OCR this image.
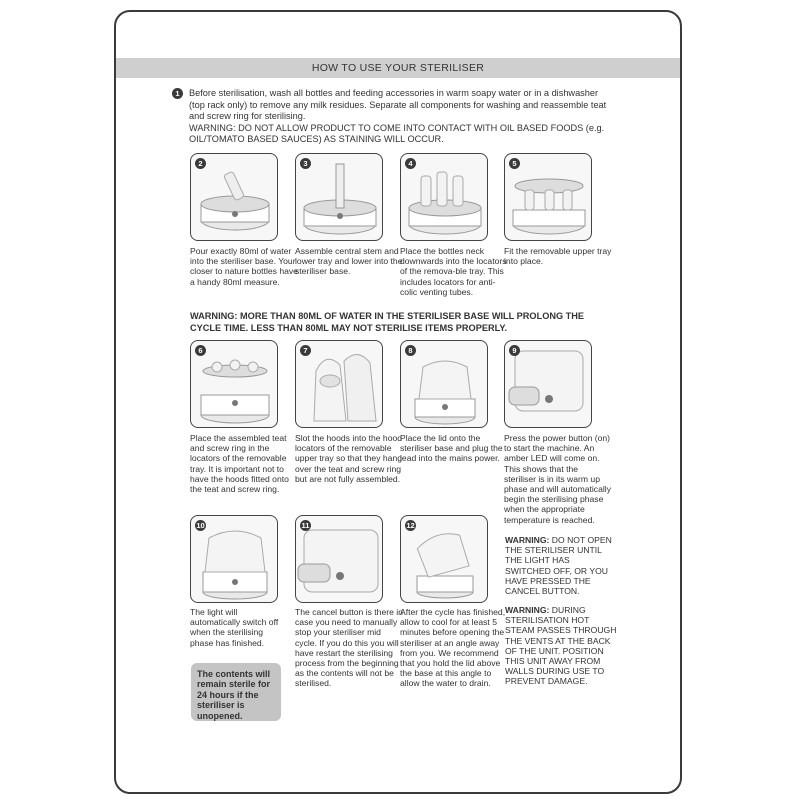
HOW TO USE YOUR STERILISER
1	Before sterilisation, wash all bottles and feeding accessories in warm soapy water or in a dishwasher (top rack only) to remove any milk residues. Separate all components for washing and reassemble teat and screw ring for sterilising.
WARNING: DO NOT ALLOW PRODUCT TO COME INTO CONTACT WITH OIL BASED FOODS (e.g. OIL/TOMATO BASED SAUCES) AS STAINING WILL OCCUR.
2	3	4	5
Pour exactly 80ml of water into the steriliser base. Your closer to nature bottles have a handy 80ml measure.
Assemble central stem and lower tray and lower into the steriliser base.
Place the bottles neck downwards into the locators of the remova-ble tray. This includes locators for anti-colic venting tubes.
Fit the removable upper tray into place.
WARNING: MORE THAN 80ML OF WATER IN THE STERILISER BASE WILL PROLONG THE CYCLE TIME. LESS THAN 80ML MAY NOT STERILISE ITEMS PROPERLY.
6	7	8	9
Place the assembled teat and screw ring in the locators of the removable tray. It is important not to have the hoods fitted onto the teat and screw ring.
Slot the hoods into the hood locators of the removable upper tray so that they hang over the teat and screw ring but are not fully assembled.
Place the lid onto the steriliser base and plug the lead into the mains power.
Press the power button (on) to start the machine. An amber LED will come on. This shows that the steriliser is in its warm up phase and will automatically begin the sterilising phase when the appropriate temperature is reached.
10	11	12
The light will automatically switch off when the sterilising phase has finished.
The cancel button is there in case you need to manually stop your steriliser mid cycle. If you do this you will have restart the sterilising process from the beginning as the contents will not be sterilised.
After the cycle has finished, allow to cool for at least 5 minutes before opening the steriliser at an angle away from you. We recommend that you hold the lid above the base at this angle to allow the water to drain.
WARNING: DO NOT OPEN THE STERILISER UNTIL THE LIGHT HAS SWITCHED OFF, OR YOU HAVE PRESSED THE CANCEL BUTTON.
WARNING: DURING STERILISATION HOT STEAM PASSES THROUGH THE VENTS AT THE BACK OF THE UNIT. POSITION THIS UNIT AWAY FROM WALLS DURING USE TO PREVENT DAMAGE.
The contents will remain sterile for 24 hours if the steriliser is unopened.
